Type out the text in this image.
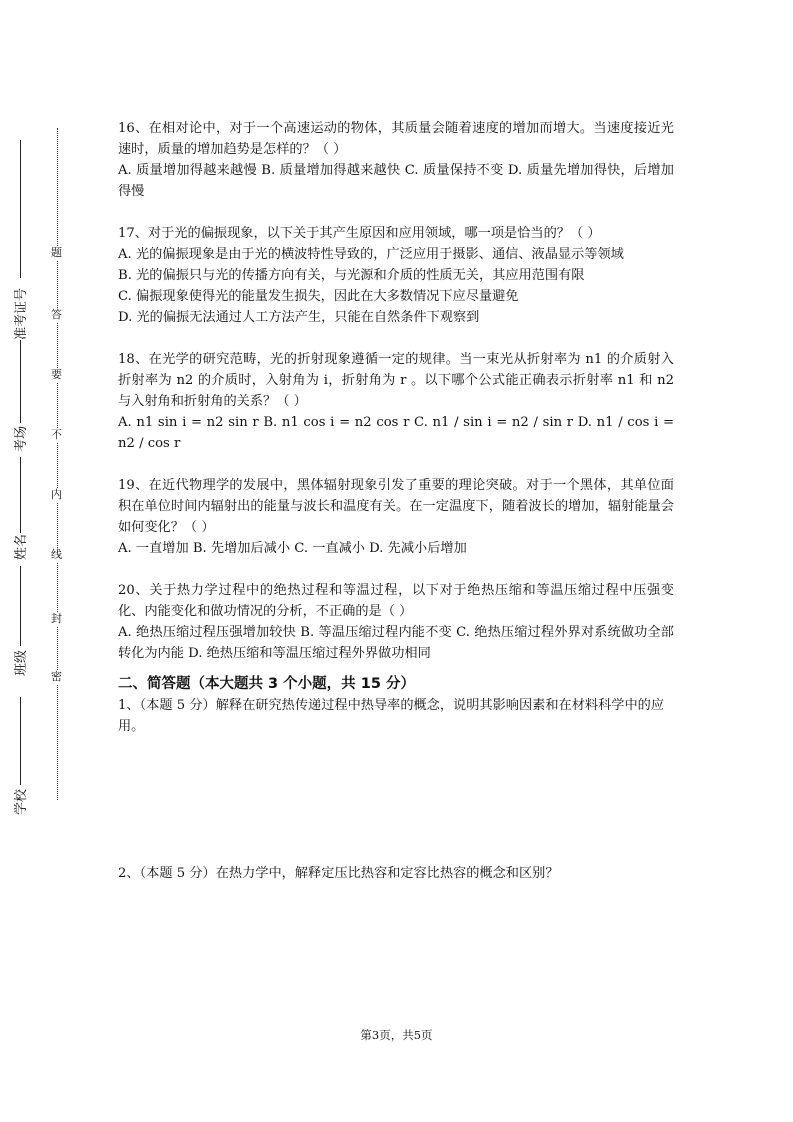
学校
班级
姓名
考场
准考证号
密
封
线
内
不
要
答
题

16、在相对论中，对于一个高速运动的物体，其质量会随着速度的增加而增大。当速度接近光速时，质量的增加趋势是怎样的？（ ）

A. 质量增加得越来越慢 B. 质量增加得越来越快 C. 质量保持不变 D. 质量先增加得快，后增加得慢

17、对于光的偏振现象，以下关于其产生原因和应用领域，哪一项是恰当的？（ ）

A. 光的偏振现象是由于光的横波特性导致的，广泛应用于摄影、通信、液晶显示等领域

B. 光的偏振只与光的传播方向有关，与光源和介质的性质无关，其应用范围有限

C. 偏振现象使得光的能量发生损失，因此在大多数情况下应尽量避免

D. 光的偏振无法通过人工方法产生，只能在自然条件下观察到

18、在光学的研究范畴，光的折射现象遵循一定的规律。当一束光从折射率为 n1 的介质射入折射率为 n2 的介质时，入射角为 i，折射角为 r 。以下哪个公式能正确表示折射率 n1 和 n2 与入射角和折射角的关系？（ ）

A. n1 sin i = n2 sin r B. n1 cos i = n2 cos r C. n1 / sin i = n2 / sin r D. n1 / cos i = n2 / cos r

19、在近代物理学的发展中，黑体辐射现象引发了重要的理论突破。对于一个黑体，其单位面积在单位时间内辐射出的能量与波长和温度有关。在一定温度下，随着波长的增加，辐射能量会如何变化？（ ）

A. 一直增加 B. 先增加后减小 C. 一直减小 D. 先减小后增加

20、关于热力学过程中的绝热过程和等温过程，以下对于绝热压缩和等温压缩过程中压强变化、内能变化和做功情况的分析，不正确的是（ ）

A. 绝热压缩过程压强增加较快 B. 等温压缩过程内能不变 C. 绝热压缩过程外界对系统做功全部转化为内能 D. 绝热压缩和等温压缩过程外界做功相同

二、简答题（本大题共 3 个小题，共 15 分）

1、（本题 5 分）解释在研究热传递过程中热导率的概念，说明其影响因素和在材料科学中的应用。

2、（本题 5 分）在热力学中，解释定压比热容和定容比热容的概念和区别？

第3页，共5页
